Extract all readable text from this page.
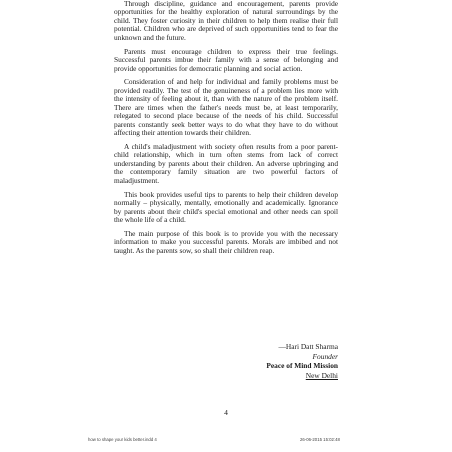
Through discipline, guidance and encouragement, parents provide opportunities for the healthy exploration of natural surroundings by the child. They foster curiosity in their children to help them realise their full potential. Children who are deprived of such opportunities tend to fear the unknown and the future.

Parents must encourage children to express their true feelings. Successful parents imbue their family with a sense of belonging and provide opportunities for democratic planning and social action.

Consideration of and help for individual and family problems must be provided readily. The test of the genuineness of a problem lies more with the intensity of feeling about it, than with the nature of the problem itself. There are times when the father's needs must be, at least temporarily, relegated to second place because of the needs of his child. Successful parents constantly seek better ways to do what they have to do without affecting their attention towards their children.

A child's maladjustment with society often results from a poor parent-child relationship, which in turn often stems from lack of correct understanding by parents about their children. An adverse upbringing and the contemporary family situation are two powerful factors of maladjustment.

This book provides useful tips to parents to help their children develop normally – physically, mentally, emotionally and academically. Ignorance by parents about their child's special emotional and other needs can spoil the whole life of a child.

The main purpose of this book is to provide you with the necessary information to make you successful parents. Morals are imbibed and not taught. As the parents sow, so shall their children reap.

—Hari Datt Sharma
Founder
Peace of Mind Mission
New Delhi
4
how to shape your kids better.indd 4	26-06-2015 15:02:48
